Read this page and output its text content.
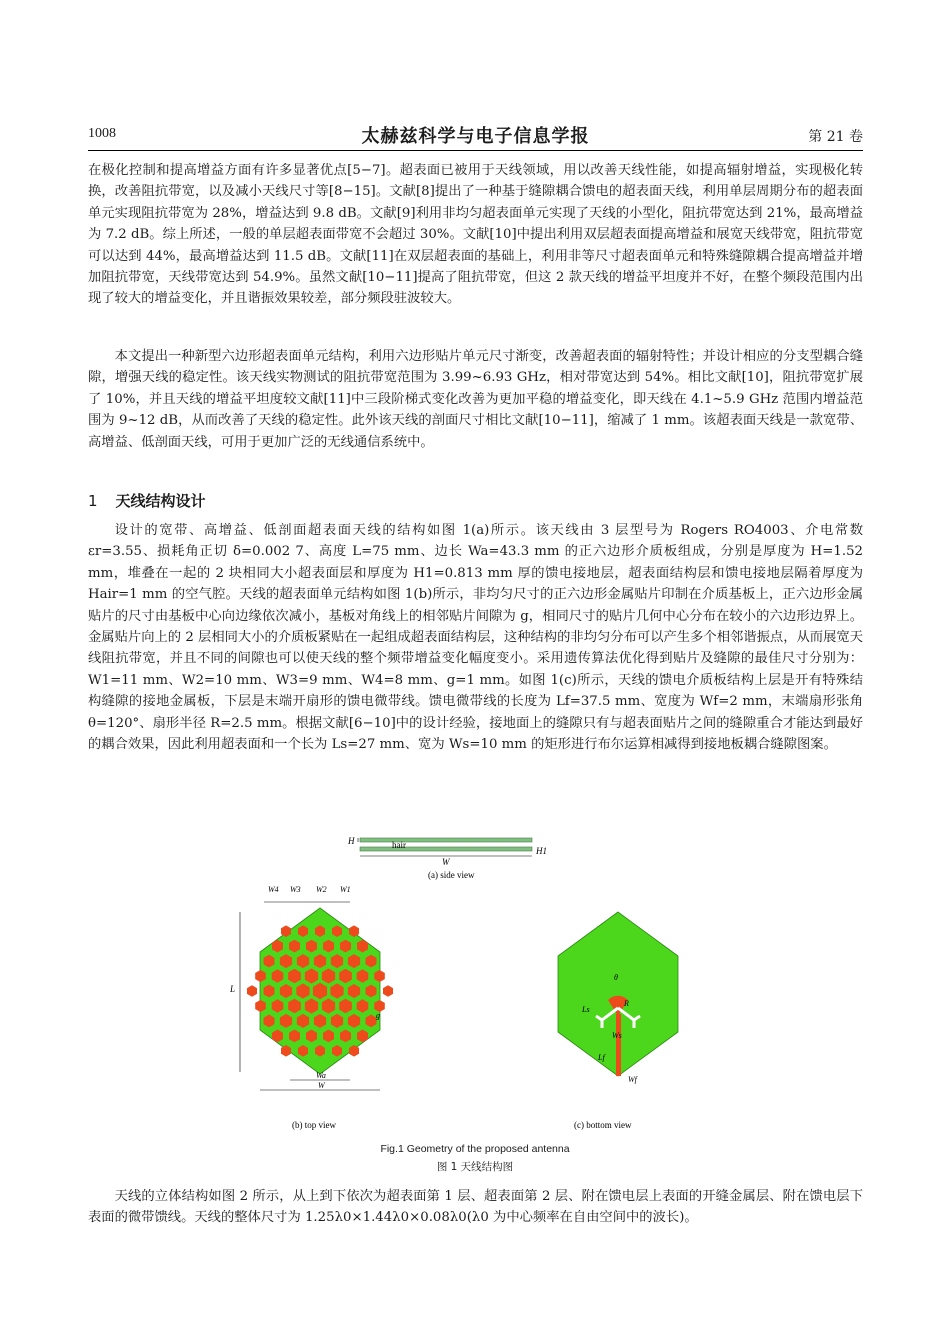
1008	太赫兹科学与电子信息学报	第 21 卷

在极化控制和提高增益方面有许多显著优点[5−7]。超表面已被用于天线领域，用以改善天线性能，如提高辐射增益，实现极化转换，改善阻抗带宽，以及减小天线尺寸等[8−15]。文献[8]提出了一种基于缝隙耦合馈电的超表面天线，利用单层周期分布的超表面单元实现阻抗带宽为 28%，增益达到 9.8 dB。文献[9]利用非均匀超表面单元实现了天线的小型化，阻抗带宽达到 21%，最高增益为 7.2 dB。综上所述，一般的单层超表面带宽不会超过 30%。文献[10]中提出利用双层超表面提高增益和展宽天线带宽，阻抗带宽可以达到 44%，最高增益达到 11.5 dB。文献[11]在双层超表面的基础上，利用非等尺寸超表面单元和特殊缝隙耦合提高增益并增加阻抗带宽，天线带宽达到 54.9%。虽然文献[10−11]提高了阻抗带宽，但这 2 款天线的增益平坦度并不好，在整个频段范围内出现了较大的增益变化，并且谐振效果较差，部分频段驻波较大。

本文提出一种新型六边形超表面单元结构，利用六边形贴片单元尺寸渐变，改善超表面的辐射特性；并设计相应的分支型耦合缝隙，增强天线的稳定性。该天线实物测试的阻抗带宽范围为 3.99~6.93 GHz，相对带宽达到 54%。相比文献[10]，阻抗带宽扩展了 10%，并且天线的增益平坦度较文献[11]中三段阶梯式变化改善为更加平稳的增益变化，即天线在 4.1~5.9 GHz 范围内增益范围为 9~12 dB，从而改善了天线的稳定性。此外该天线的剖面尺寸相比文献[10−11]，缩减了 1 mm。该超表面天线是一款宽带、高增益、低剖面天线，可用于更加广泛的无线通信系统中。

1 天线结构设计

设计的宽带、高增益、低剖面超表面天线的结构如图 1(a)所示。该天线由 3 层型号为 Rogers RO4003、介电常数 εr=3.55、损耗角正切 δ=0.002 7、高度 L=75 mm、边长 Wa=43.3 mm 的正六边形介质板组成，分别是厚度为 H=1.52 mm，堆叠在一起的 2 块相同大小超表面层和厚度为 H1=0.813 mm 厚的馈电接地层，超表面结构层和馈电接地层隔着厚度为 Hair=1 mm 的空气腔。天线的超表面单元结构如图 1(b)所示，非均匀尺寸的正六边形金属贴片印制在介质基板上，正六边形金属贴片的尺寸由基板中心向边缘依次减小，基板对角线上的相邻贴片间隙为 g，相同尺寸的贴片几何中心分布在较小的六边形边界上。金属贴片向上的 2 层相同大小的介质板紧贴在一起组成超表面结构层，这种结构的非均匀分布可以产生多个相邻谐振点，从而展宽天线阻抗带宽，并且不同的间隙也可以使天线的整个频带增益变化幅度变小。采用遗传算法优化得到贴片及缝隙的最佳尺寸分别为：W1=11 mm、W2=10 mm、W3=9 mm、W4=8 mm、g=1 mm。如图 1(c)所示，天线的馈电介质板结构上层是开有特殊结构缝隙的接地金属板，下层是末端开扇形的馈电微带线。馈电微带线的长度为 Lf=37.5 mm、宽度为 Wf=2 mm，末端扇形张角 θ=120°、扇形半径 R=2.5 mm。根据文献[6−10]中的设计经验，接地面上的缝隙只有与超表面贴片之间的缝隙重合才能达到最好的耦合效果，因此利用超表面和一个长为 Ls=27 mm、宽为 Ws=10 mm 的矩形进行布尔运算相减得到接地板耦合缝隙图案。

H	hair
H1
W
(a) side view
L
W4 W3 W2 W1
g
Wa
W
(b) top view
θ
Ls
R
Ws
Lf
Wf
(c) bottom view

Fig.1 Geometry of the proposed antenna

图 1 天线结构图

天线的立体结构如图 2 所示，从上到下依次为超表面第 1 层、超表面第 2 层、附在馈电层上表面的开缝金属层、附在馈电层下表面的微带馈线。天线的整体尺寸为 1.25λ0×1.44λ0×0.08λ0(λ0 为中心频率在自由空间中的波长)。
